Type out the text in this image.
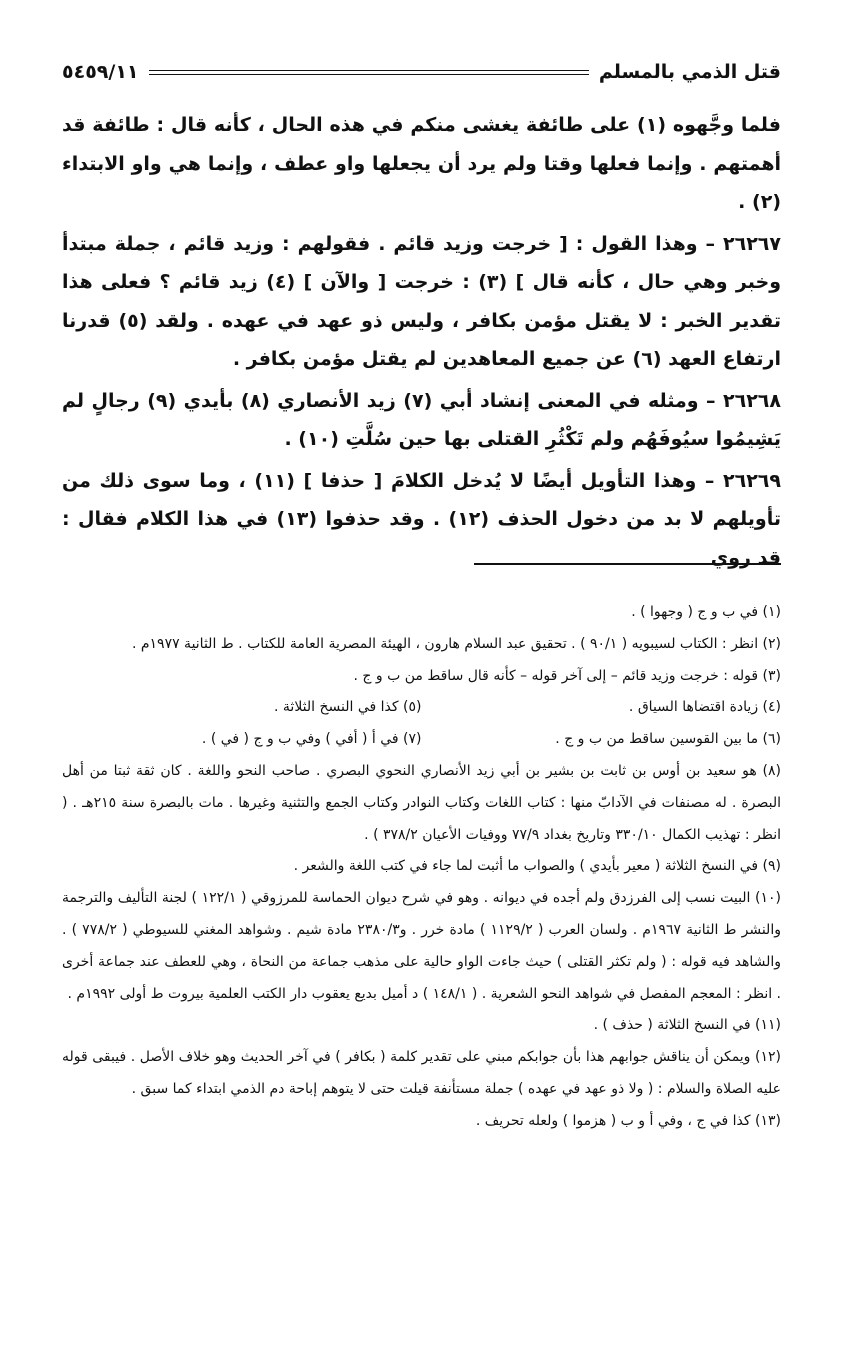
قتل الذمي بالمسلم
٥٤٥٩/١١

فلما وجَّهوه (١) على طائفة يغشى منكم في هذه الحال ، كأنه قال : طائفة قد أهمتهم . وإنما فعلها وقتا ولم يرد أن يجعلها واو عطف ، وإنما هي واو الابتداء (٢) .

٢٦٢٦٧ – وهذا القول : [ خرجت وزيد قائم . فقولهم : وزيد قائم ، جملة مبتدأ وخبر وهي حال ، كأنه قال ] (٣) : خرجت [ والآن ] (٤) زيد قائم ؟ فعلى هذا تقدير الخبر : لا يقتل مؤمن بكافر ، وليس ذو عهد في عهده . ولقد (٥) قدرنا ارتفاع العهد (٦) عن جميع المعاهدين لم يقتل مؤمن بكافر .

٢٦٢٦٨ – ومثله في المعنى إنشاد أبي (٧) زيد الأنصاري (٨) بأيدي (٩) رجالٍ لم يَشِيمُوا سيُوفَهُم ولم تَكْثُرِ القتلى بها حين سُلَّتِ (١٠) .

٢٦٢٦٩ – وهذا التأويل أيضًا لا يُدخل الكلامَ [ حذفا ] (١١) ، وما سوى ذلك من تأويلهم لا بد من دخول الحذف (١٢) . وقد حذفوا (١٣) في هذا الكلام فقال : قد روي

(١) في ب و ج ( وجهوا ) .

(٢) انظر : الكتاب لسيبويه ( ٩٠/١ ) . تحقيق عبد السلام هارون ، الهيئة المصرية العامة للكتاب . ط الثانية ١٩٧٧م .

(٣) قوله : خرجت وزيد قائم – إلى آخر قوله – كأنه قال ساقط من ب و ج .

(٤) زيادة اقتضاها السياق .
(٥) كذا في النسخ الثلاثة .
(٦) ما بين القوسين ساقط من ب و ج .
(٧) في أ ( أفي ) وفي ب و ج ( في ) .

(٨) هو سعيد بن أوس بن ثابت بن بشير بن أبي زيد الأنصاري النحوي البصري . صاحب النحو واللغة . كان ثقة ثبتا من أهل البصرة . له مصنفات في الآدابّ منها : كتاب اللغات وكتاب النوادر وكتاب الجمع والتثنية وغيرها . مات بالبصرة سنة ٢١٥هـ . ( انظر : تهذيب الكمال ٣٣٠/١٠ وتاريخ بغداد ٧٧/٩ ووفيات الأعيان ٣٧٨/٢ ) .

(٩) في النسخ الثلاثة ( معير بأيدي ) والصواب ما أثبت لما جاء في كتب اللغة والشعر .

(١٠) البيت نسب إلى الفرزدق ولم أجده في ديوانه . وهو في شرح ديوان الحماسة للمرزوقي ( ١٢٢/١ ) لجنة التأليف والترجمة والنشر ط الثانية ١٩٦٧م . ولسان العرب ( ١١٢٩/٢ ) مادة خرر . و٢٣٨٠/٣ مادة شيم . وشواهد المغني للسيوطي ( ٧٧٨/٢ ) . والشاهد فيه قوله : ( ولم تكثر القتلى ) حيث جاءت الواو حالية على مذهب جماعة من النحاة ، وهي للعطف عند جماعة أخرى . انظر : المعجم المفصل في شواهد النحو الشعرية . ( ١٤٨/١ ) د أميل بديع يعقوب دار الكتب العلمية بيروت ط أولى ١٩٩٢م .

(١١) في النسخ الثلاثة ( حذف ) .

(١٢) ويمكن أن يناقش جوابهم هذا بأن جوابكم مبني على تقدير كلمة ( بكافر ) في آخر الحديث وهو خلاف الأصل . فيبقى قوله عليه الصلاة والسلام : ( ولا ذو عهد في عهده ) جملة مستأنفة قيلت حتى لا يتوهم إباحة دم الذمي ابتداء كما سبق .

(١٣) كذا في ج ، وفي أ و ب ( هزموا ) ولعله تحريف .
